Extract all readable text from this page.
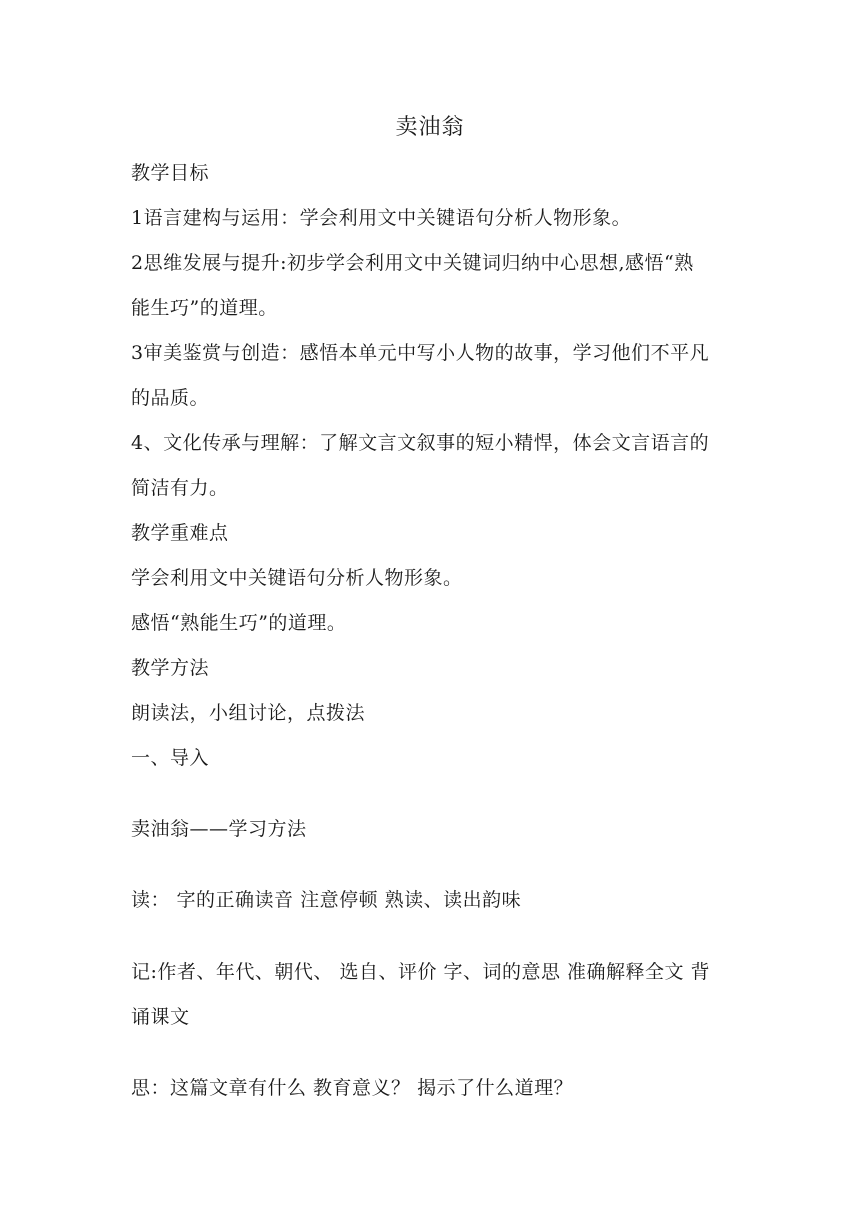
卖油翁
教学目标
1语言建构与运用：学会利用文中关键语句分析人物形象。
2思维发展与提升:初步学会利用文中关键词归纳中心思想,感悟“熟
能生巧”的道理。
3审美鉴赏与创造：感悟本单元中写小人物的故事，学习他们不平凡
的品质。
4、文化传承与理解：了解文言文叙事的短小精悍，体会文言语言的
简洁有力。
教学重难点
学会利用文中关键语句分析人物形象。
感悟“熟能生巧”的道理。
教学方法
朗读法，小组讨论，点拨法
一、导入
卖油翁——学习方法
读： 字的正确读音 注意停顿 熟读、读出韵味
记:作者、年代、朝代、 选自、评价 字、词的意思 准确解释全文 背
诵课文
思：这篇文章有什么 教育意义？ 揭示了什么道理？
